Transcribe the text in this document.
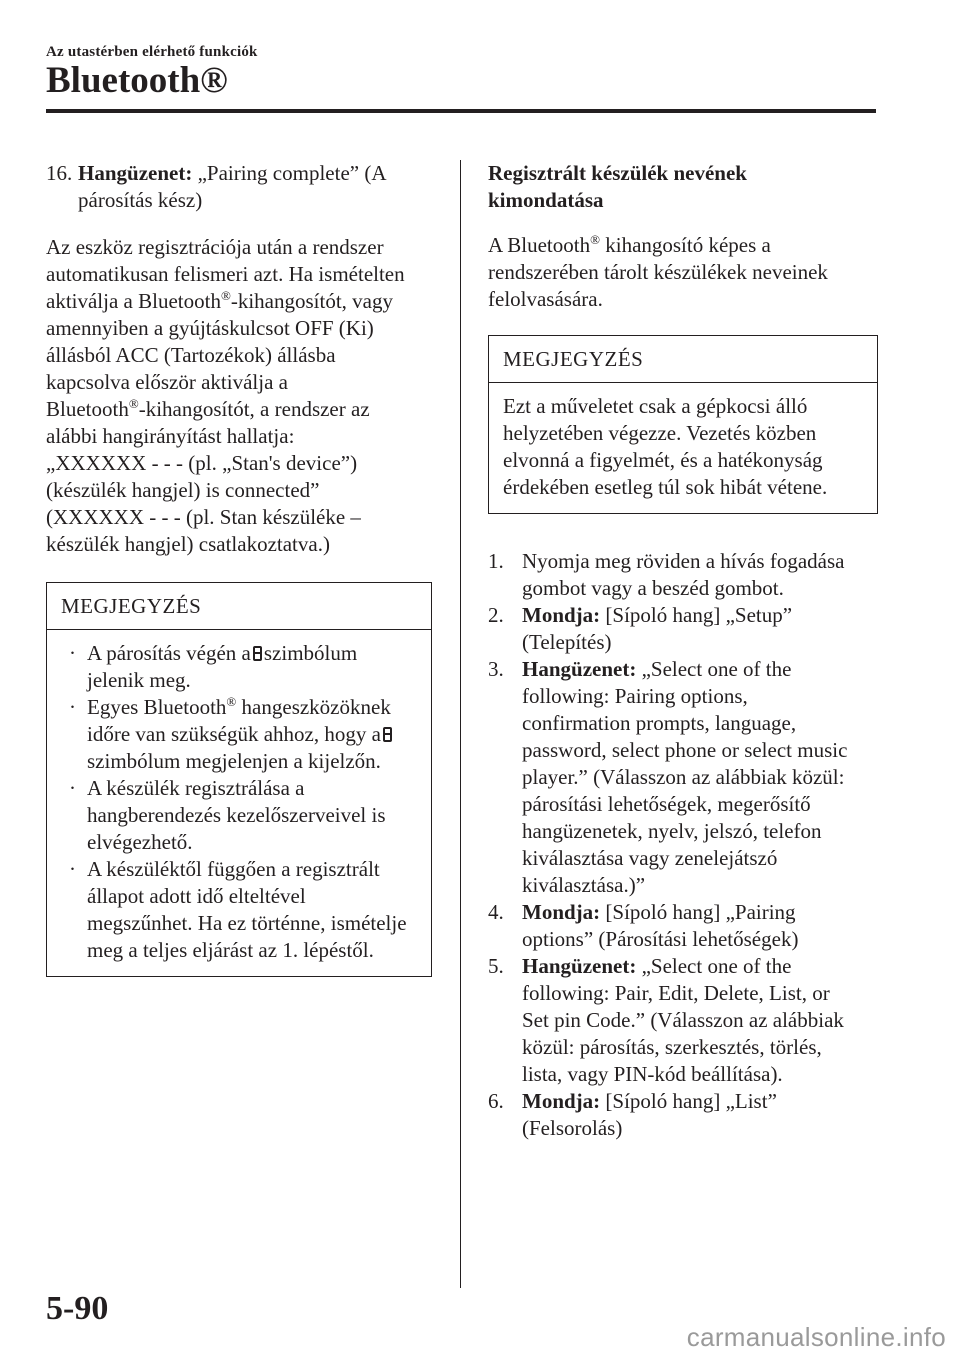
Az utastérben elérhető funkciók
Bluetooth®
16. Hangüzenet: „Pairing complete” (A

párosítás kész)

Az eszköz regisztrációja után a rendszer

automatikusan felismeri azt. Ha ismételten

aktiválja a Bluetooth®-kihangosítót, vagy

amennyiben a gyújtáskulcsot OFF (Ki)

állásból ACC (Tartozékok) állásba

kapcsolva először aktiválja a

Bluetooth®-kihangosítót, a rendszer az

alábbi hangirányítást hallatja:

„XXXXXX - - - (pl. „Stan's device”)

(készülék hangjel) is connected”

(XXXXXX - - - (pl. Stan készüléke –

készülék hangjel) csatlakoztatva.)

MEGJEGYZÉS
· A párosítás végén a szimbólum

jelenik meg.

· Egyes Bluetooth® hangeszközöknek

időre van szükségük ahhoz, hogy a

szimbólum megjelenjen a kijelzőn.

· A készülék regisztrálása a

hangberendezés kezelőszerveivel is

elvégezhető.

· A készüléktől függően a regisztrált

állapot adott idő elteltével

megszűnhet. Ha ez történne, ismételje

meg a teljes eljárást az 1. lépéstől.

Regisztrált készülék nevének

kimondatása

A Bluetooth® kihangosító képes a

rendszerében tárolt készülékek neveinek

felolvasására.

MEGJEGYZÉS

Ezt a műveletet csak a gépkocsi álló

helyzetében végezze. Vezetés közben

elvonná a figyelmét, és a hatékonyság

érdekében esetleg túl sok hibát vétene.

1. Nyomja meg röviden a hívás fogadása

gombot vagy a beszéd gombot.

2. Mondja: [Sípoló hang] „Setup”

(Telepítés)

3. Hangüzenet: „Select one of the

following: Pairing options,

confirmation prompts, language,

password, select phone or select music

player.” (Válasszon az alábbiak közül:

párosítási lehetőségek, megerősítő

hangüzenetek, nyelv, jelszó, telefon

kiválasztása vagy zenelejátszó

kiválasztása.)”

4. Mondja: [Sípoló hang] „Pairing

options” (Párosítási lehetőségek)

5. Hangüzenet: „Select one of the

following: Pair, Edit, Delete, List, or

Set pin Code.” (Válasszon az alábbiak

közül: párosítás, szerkesztés, törlés,

lista, vagy PIN-kód beállítása).

6. Mondja: [Sípoló hang] „List”

(Felsorolás)

5-90
carmanualsonline.info
